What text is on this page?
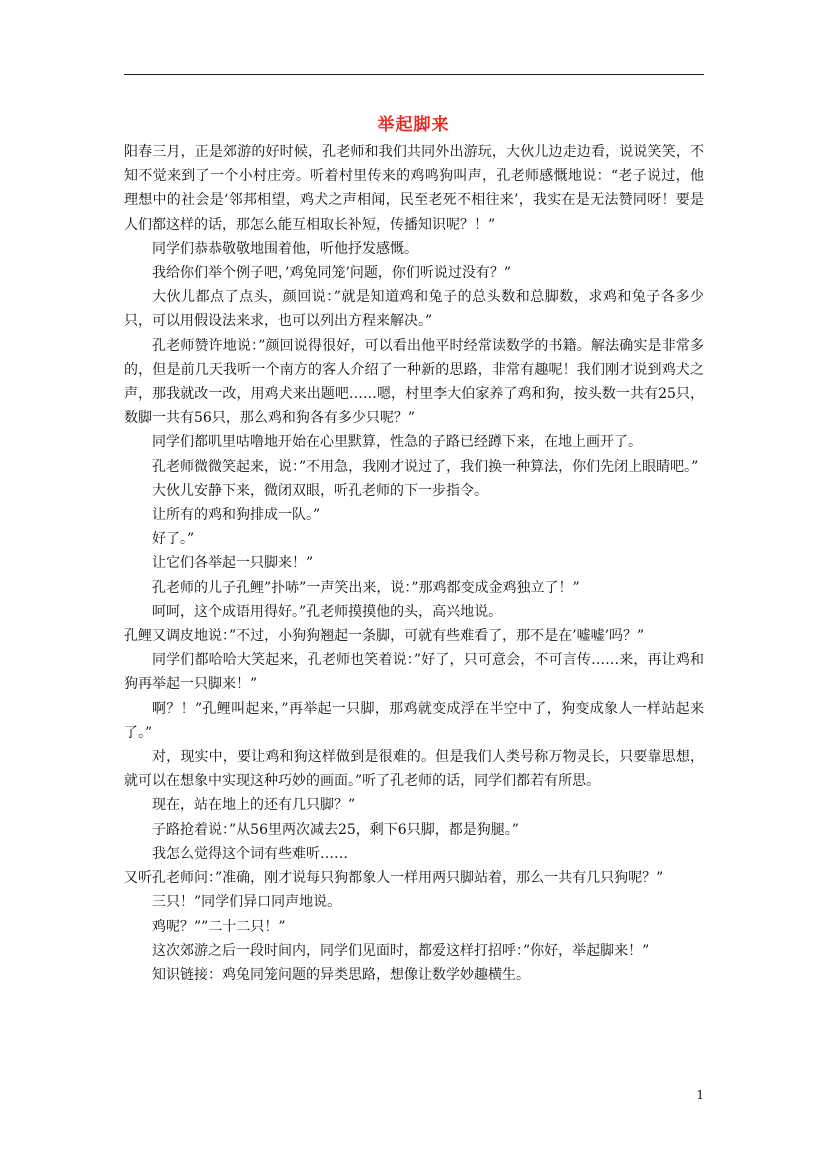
举起脚来

阳春三月，正是郊游的好时候，孔老师和我们共同外出游玩，大伙儿边走边看，说说笑笑，不知不觉来到了一个小村庄旁。听着村里传来的鸡鸣狗叫声，孔老师感慨地说：“老子说过，他理想中的社会是‘邻邦相望，鸡犬之声相闻，民至老死不相往来’，我实在是无法赞同呀！要是人们都这样的话，那怎么能互相取长补短，传播知识呢？！”

同学们恭恭敬敬地围着他，听他抒发感慨。

我给你们举个例子吧，’鸡兔同笼’问题，你们听说过没有？”

大伙儿都点了点头，颜回说：”就是知道鸡和兔子的总头数和总脚数，求鸡和兔子各多少只，可以用假设法来求，也可以列出方程来解决。”

孔老师赞许地说：”颜回说得很好，可以看出他平时经常读数学的书籍。解法确实是非常多的，但是前几天我听一个南方的客人介绍了一种新的思路，非常有趣呢！我们刚才说到鸡犬之声，那我就改一改，用鸡犬来出题吧……嗯，村里李大伯家养了鸡和狗，按头数一共有25只，数脚一共有56只，那么鸡和狗各有多少只呢？”

同学们都叽里咕噜地开始在心里默算，性急的子路已经蹲下来，在地上画开了。

孔老师微微笑起来，说：”不用急，我刚才说过了，我们换一种算法，你们先闭上眼睛吧。”

大伙儿安静下来，微闭双眼，听孔老师的下一步指令。

让所有的鸡和狗排成一队。”

好了。”

让它们各举起一只脚来！”

孔老师的儿子孔鲤”扑哧”一声笑出来，说：”那鸡都变成金鸡独立了！”

呵呵，这个成语用得好。”孔老师摸摸他的头，高兴地说。

孔鲤又调皮地说：”不过，小狗狗翘起一条脚，可就有些难看了，那不是在’嘘嘘’吗？”

同学们都哈哈大笑起来，孔老师也笑着说：”好了，只可意会，不可言传……来，再让鸡和狗再举起一只脚来！”

啊？！”孔鲤叫起来，”再举起一只脚，那鸡就变成浮在半空中了，狗变成象人一样站起来了。”

对，现实中，要让鸡和狗这样做到是很难的。但是我们人类号称万物灵长，只要靠思想，就可以在想象中实现这种巧妙的画面。”听了孔老师的话，同学们都若有所思。

现在，站在地上的还有几只脚？”

子路抢着说：”从56里两次减去25，剩下6只脚，都是狗腿。”

我怎么觉得这个词有些难听……

又听孔老师问：”准确，刚才说每只狗都象人一样用两只脚站着，那么一共有几只狗呢？”

三只！”同学们异口同声地说。

鸡呢？””二十二只！”

这次郊游之后一段时间内，同学们见面时，都爱这样打招呼：”你好，举起脚来！”

知识链接：鸡兔同笼问题的异类思路，想像让数学妙趣横生。

1
